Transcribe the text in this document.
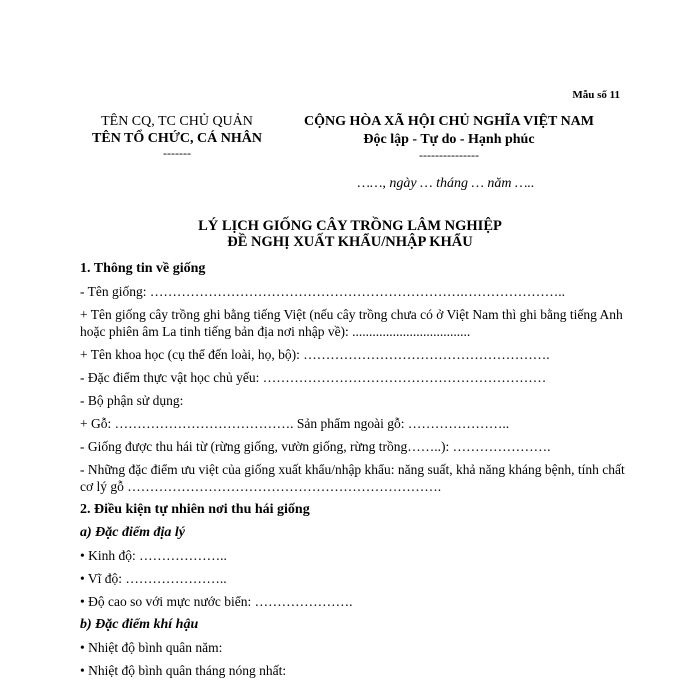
Mẫu số 11
TÊN CQ, TC CHỦ QUẢN
TÊN TỔ CHỨC, CÁ NHÂN
-------
CỘNG HÒA XÃ HỘI CHỦ NGHĨA VIỆT NAM
Độc lập - Tự do - Hạnh phúc
---------------
……, ngày … tháng … năm …..
LÝ LỊCH GIỐNG CÂY TRỒNG LÂM NGHIỆP
ĐỀ NGHỊ XUẤT KHẨU/NHẬP KHẨU

1. Thông tin về giống

- Tên giống: …………………………………………………………….…………………..

+ Tên giống cây trồng ghi bằng tiếng Việt (nếu cây trồng chưa có ở Việt Nam thì ghi bằng tiếng Anh hoặc phiên âm La tinh tiếng bản địa nơi nhập về): ...................................

+ Tên khoa học (cụ thể đến loài, họ, bộ): ……………………………………………….

- Đặc điểm thực vật học chủ yếu: ………………………………………………………

- Bộ phận sử dụng:

+ Gỗ: …………………………………. Sản phẩm ngoài gỗ: …………………..

- Giống được thu hái từ (rừng giống, vườn giống, rừng trồng……..): ………………….

- Những đặc điểm ưu việt của giống xuất khẩu/nhập khẩu: năng suất, khả năng kháng bệnh, tính chất cơ lý gỗ …………………………………………………………….

2. Điều kiện tự nhiên nơi thu hái giống

a) Đặc điểm địa lý

• Kinh độ: ………………..

• Vĩ độ: …………………..

• Độ cao so với mực nước biển: ………………….

b) Đặc điểm khí hậu

• Nhiệt độ bình quân năm:

• Nhiệt độ bình quân tháng nóng nhất:
